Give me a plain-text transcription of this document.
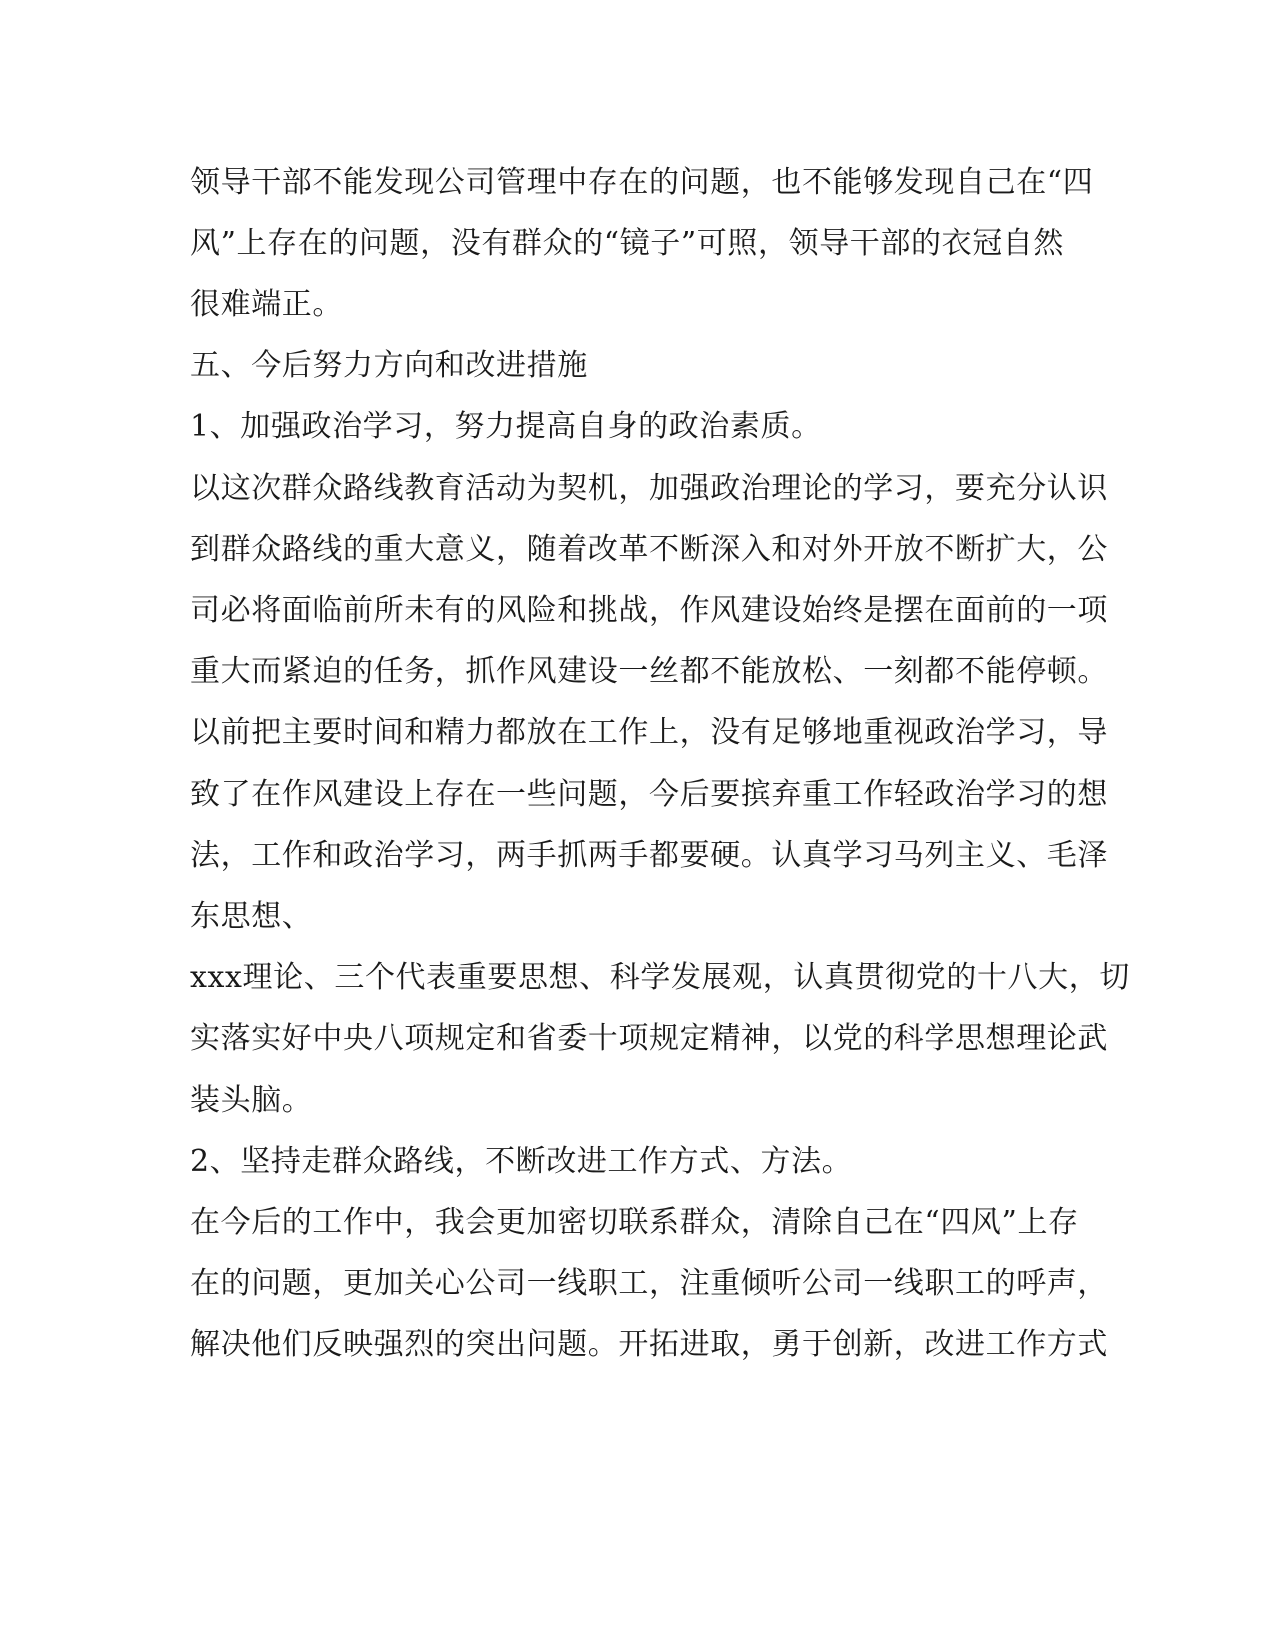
领导干部不能发现公司管理中存在的问题，也不能够发现自己在“四
风”上存在的问题，没有群众的“镜子”可照，领导干部的衣冠自然
很难端正。
五、今后努力方向和改进措施
1、加强政治学习，努力提高自身的政治素质。
以这次群众路线教育活动为契机，加强政治理论的学习，要充分认识
到群众路线的重大意义，随着改革不断深入和对外开放不断扩大，公
司必将面临前所未有的风险和挑战，作风建设始终是摆在面前的一项
重大而紧迫的任务，抓作风建设一丝都不能放松、一刻都不能停顿。
以前把主要时间和精力都放在工作上，没有足够地重视政治学习，导
致了在作风建设上存在一些问题，今后要摈弃重工作轻政治学习的想
法，工作和政治学习，两手抓两手都要硬。认真学习马列主义、毛泽
东思想、
xxx理论、三个代表重要思想、科学发展观，认真贯彻党的十八大，切
实落实好中央八项规定和省委十项规定精神，以党的科学思想理论武
装头脑。
2、坚持走群众路线，不断改进工作方式、方法。
在今后的工作中，我会更加密切联系群众，清除自己在“四风”上存
在的问题，更加关心公司一线职工，注重倾听公司一线职工的呼声，
解决他们反映强烈的突出问题。开拓进取，勇于创新，改进工作方式
